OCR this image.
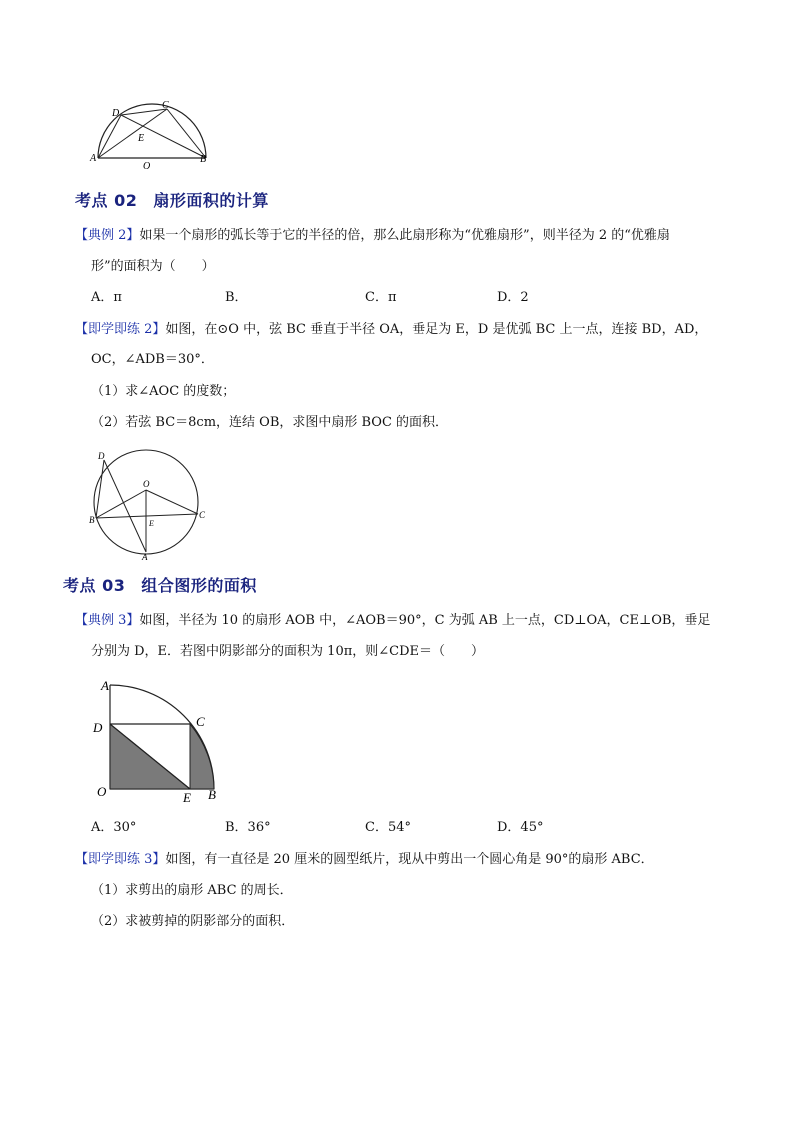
D
C
E
A
O
B
考点 02 扇形面积的计算
【典例 2】如果一个扇形的弧长等于它的半径的倍，那么此扇形称为“优雅扇形”，则半径为 2 的“优雅扇
形”的面积为（　　）
A．π	B．	C．π	D．2
【即学即练 2】如图，在⊙O 中，弦 BC 垂直于半径 OA，垂足为 E，D 是优弧 BC 上一点，连接 BD，AD，
OC，∠ADB＝30°．
（1）求∠AOC 的度数；
（2）若弦 BC＝8cm，连结 OB，求图中扇形 BOC 的面积．
D
O
B	E
C
A
考点 03 组合图形的面积
【典例 3】如图，半径为 10 的扇形 AOB 中，∠AOB＝90°，C 为弧 AB 上一点，CD⊥OA，CE⊥OB，垂足
分别为 D，E．若图中阴影部分的面积为 10π，则∠CDE＝（　　）
A
D	C
O	E B
A．30°	B．36°	C．54°	D．45°
【即学即练 3】如图，有一直径是 20 厘米的圆型纸片，现从中剪出一个圆心角是 90°的扇形 ABC．
（1）求剪出的扇形 ABC 的周长．
（2）求被剪掉的阴影部分的面积．
